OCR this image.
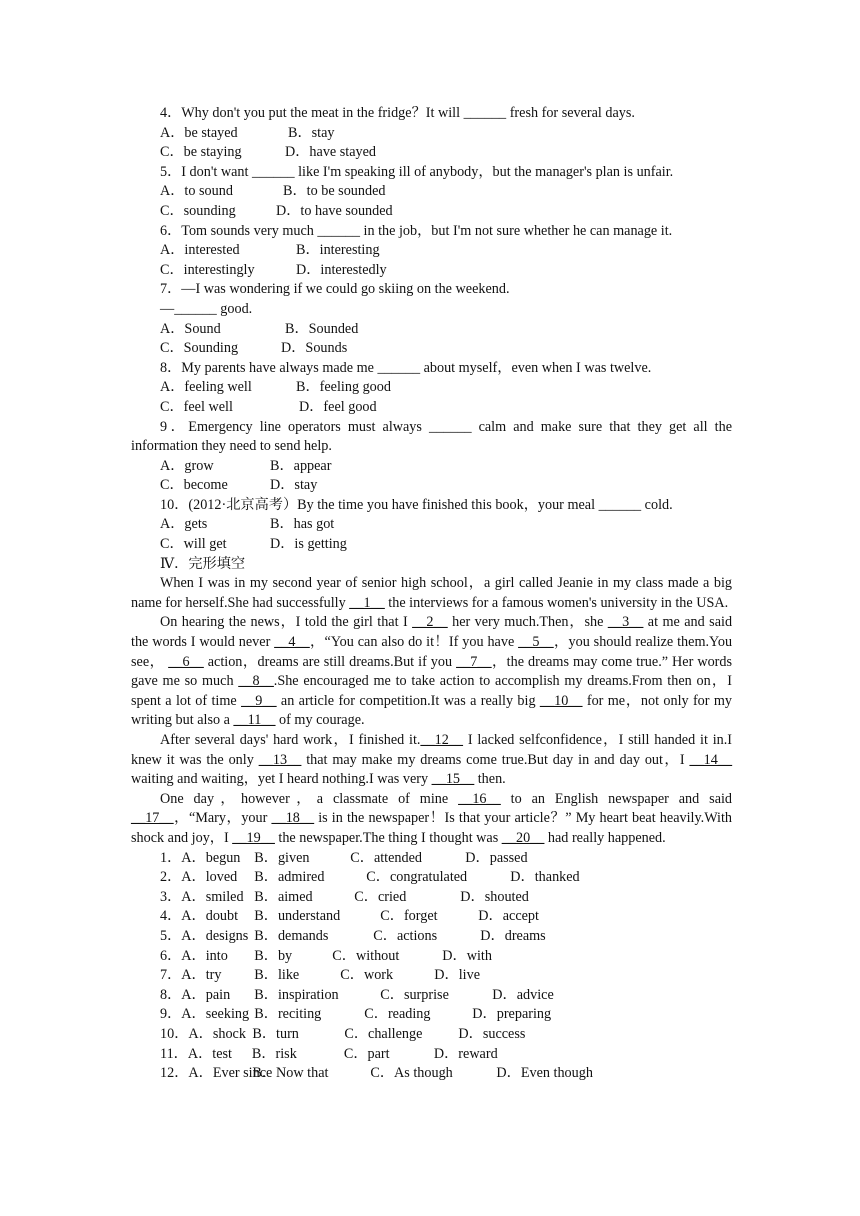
4．Why don't you put the meat in the fridge？It will ______ fresh for several days.
A．be stayed	B．stay
C．be staying	D．have stayed
5．I don't want ______ like I'm speaking ill of anybody，but the manager's plan is unfair.
A．to sound	B．to be sounded
C．sounding	D．to have sounded
6．Tom sounds very much ______ in the job，but I'm not sure whether he can manage it.
A．interested	B．interesting
C．interestingly	D．interestedly
7．—I was wondering if we could go skiing on the weekend.
—______ good.
A．Sound	B．Sounded
C．Sounding	D．Sounds
8．My parents have always made me ______ about myself，even when I was twelve.
A．feeling well	B．feeling good
C．feel well	D．feel good
9．Emergency line operators must always ______ calm and make sure that they get all the information they need to send help.
A．grow	B．appear
C．become	D．stay
10．(2012·北京高考）By the time you have finished this book，your meal ______ cold.
A．gets	B．has got
C．will get	D．is getting
Ⅳ．完形填空
When I was in my second year of senior high school，a girl called Jeanie in my class made a big name for herself.She had successfully __1__ the interviews for a famous women's university in the USA.
On hearing the news，I told the girl that I __2__ her very much.Then，she __3__ at me and said the words I would never __4__，“You can also do it！If you have __5__，you should realize them.You see， __6__ action，dreams are still dreams.But if you __7__，the dreams may come true.” Her words gave me so much __8__.She encouraged me to take action to accomplish my dreams.From then on，I spent a lot of time __9__ an article for competition.It was a really big __10__ for me，not only for my writing but also a __11__ of my courage.
After several days' hard work，I finished it.__12__ I lacked selfconfidence，I still handed it in.I knew it was the only __13__ that may make my dreams come true.But day in and day out，I __14__ waiting and waiting，yet I heard nothing.I was very __15__ then.
One day，however，a classmate of mine __16__ to an English newspaper and said __17__，“Mary，your __18__ is in the newspaper！Is that your article？” My heart beat heavily.With shock and joy，I __19__ the newspaper.The thing I thought was __20__ had really happened.
1．A．begun B．given	C．attended	D．passed
2．A．loved B．admired	C．congratulated	D．thanked
3．A．smiled B．aimed	C．cried	D．shouted
4．A．doubt B．understand	C．forget	D．accept
5．A．designs B．demands	C．actions	D．dreams
6．A．into B．by	C．without	D．with
7．A．try B．like	C．work	D．live
8．A．pain B．inspiration	C．surprise	D．advice
9．A．seeking B．reciting	C．reading	D．preparing
10．A．shock B．turn	C．challenge	D．success
11．A．test B．risk	C．part	D．reward
12．A．Ever sinceB．Now that	C．As though	D．Even though
